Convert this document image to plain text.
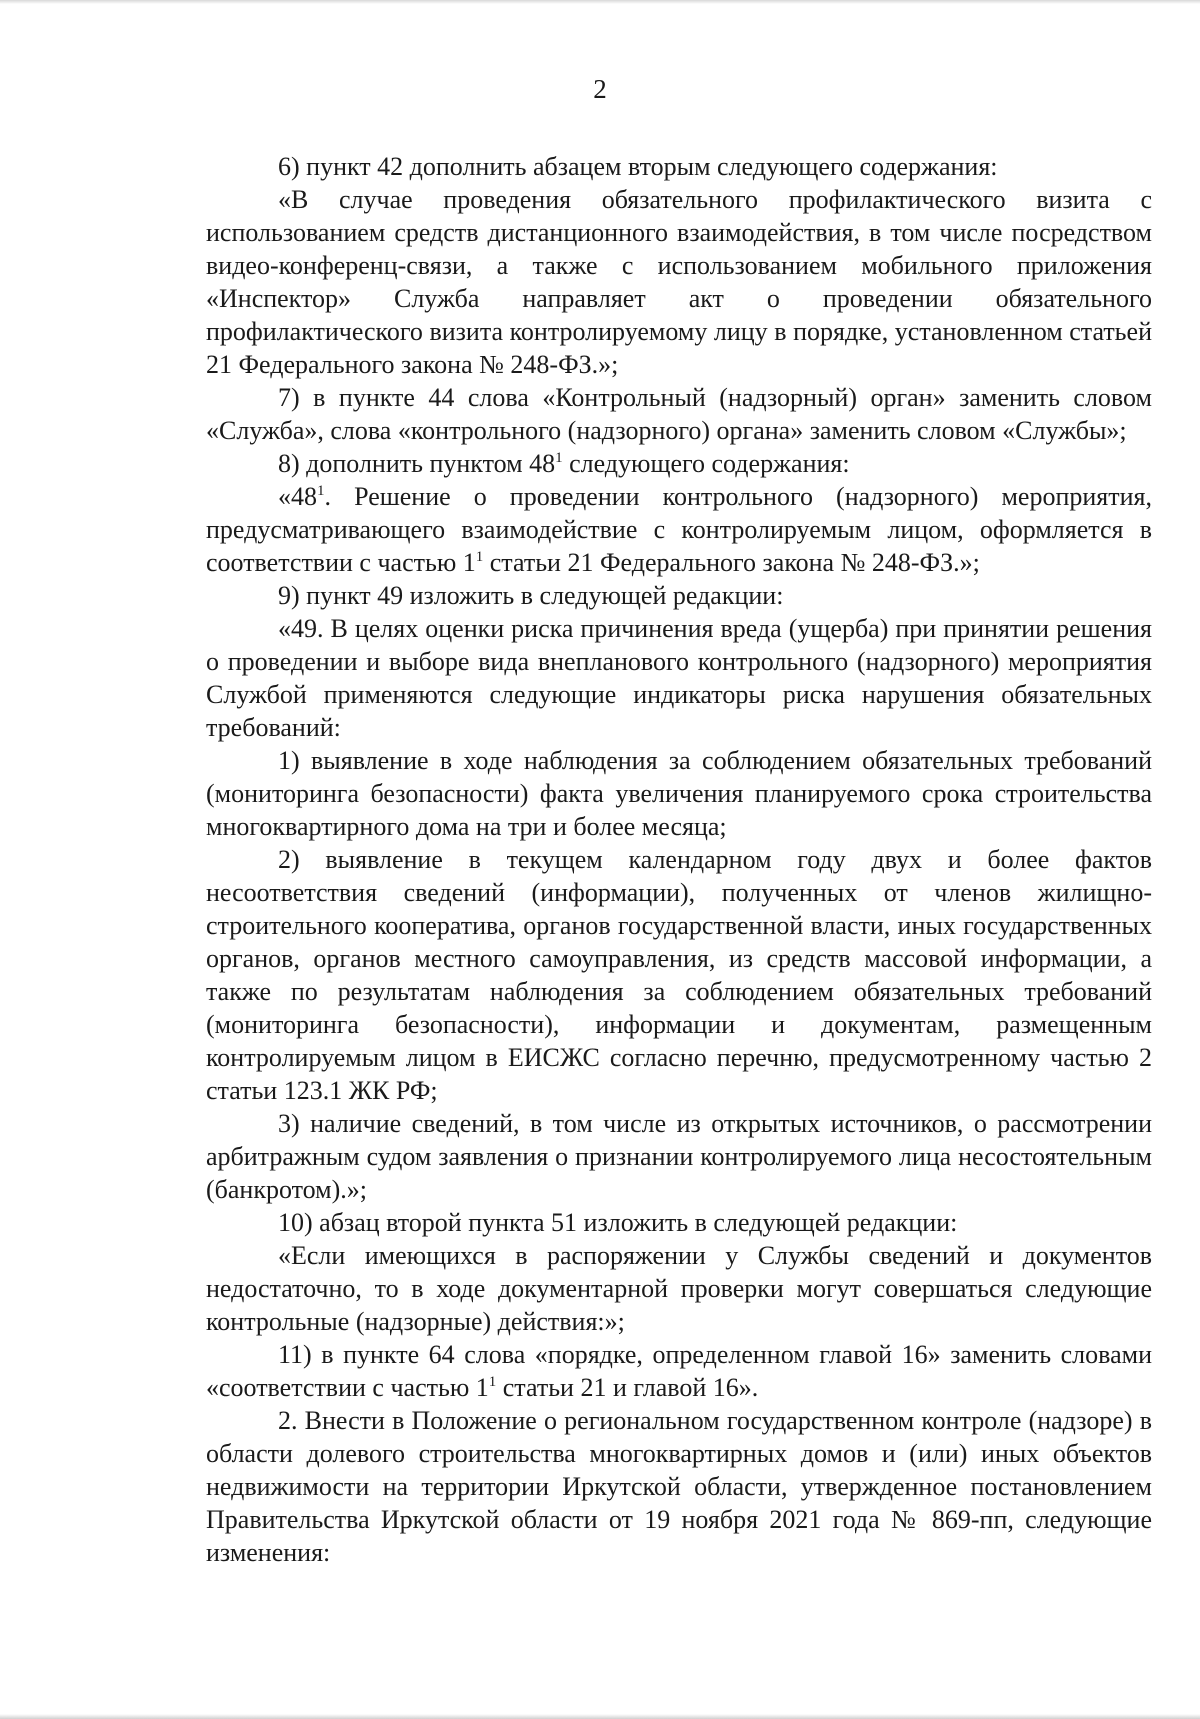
2

6) пункт 42 дополнить абзацем вторым следующего содержания:

«В случае проведения обязательного профилактического визита с использованием средств дистанционного взаимодействия, в том числе посредством видео-конференц-связи, а также с использованием мобильного приложения «Инспектор» Служба направляет акт о проведении обязательного профилактического визита контролируемому лицу в порядке, установленном статьей 21 Федерального закона № 248-ФЗ.»;

7) в пункте 44 слова «Контрольный (надзорный) орган» заменить словом «Служба», слова «контрольного (надзорного) органа» заменить словом «Службы»;

8) дополнить пунктом $48^1$ следующего содержания:

«$48^1$. Решение о проведении контрольного (надзорного) мероприятия, предусматривающего взаимодействие с контролируемым лицом, оформляется в соответствии с частью $1^1$ статьи 21 Федерального закона № 248-ФЗ.»;

9) пункт 49 изложить в следующей редакции:

«49. В целях оценки риска причинения вреда (ущерба) при принятии решения о проведении и выборе вида внепланового контрольного (надзорного) мероприятия Службой применяются следующие индикаторы риска нарушения обязательных требований:

1) выявление в ходе наблюдения за соблюдением обязательных требований (мониторинга безопасности) факта увеличения планируемого срока строительства многоквартирного дома на три и более месяца;

2) выявление в текущем календарном году двух и более фактов несоответствия сведений (информации), полученных от членов жилищно-строительного кооператива, органов государственной власти, иных государственных органов, органов местного самоуправления, из средств массовой информации, а также по результатам наблюдения за соблюдением обязательных требований (мониторинга безопасности), информации и документам, размещенным контролируемым лицом в ЕИСЖС согласно перечню, предусмотренному частью 2 статьи 123.1 ЖК РФ;

3) наличие сведений, в том числе из открытых источников, о рассмотрении арбитражным судом заявления о признании контролируемого лица несостоятельным (банкротом).»;

10) абзац второй пункта 51 изложить в следующей редакции:

«Если имеющихся в распоряжении у Службы сведений и документов недостаточно, то в ходе документарной проверки могут совершаться следующие контрольные (надзорные) действия:»;

11) в пункте 64 слова «порядке, определенном главой 16» заменить словами «соответствии с частью $1^1$ статьи 21 и главой 16».

2. Внести в Положение о региональном государственном контроле (надзоре) в области долевого строительства многоквартирных домов и (или) иных объектов недвижимости на территории Иркутской области, утвержденное постановлением Правительства Иркутской области от 19 ноября 2021 года № 869-пп, следующие изменения:
